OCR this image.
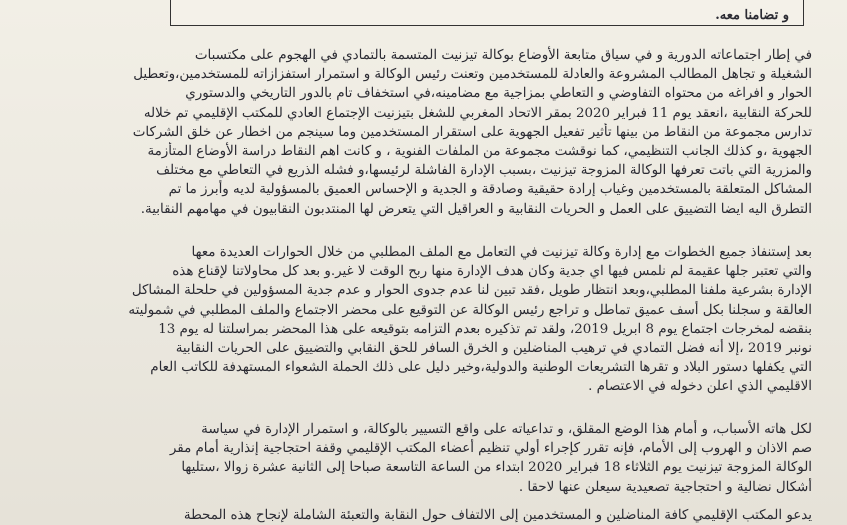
و تضامنا معه.
في إطار اجتماعاته الدورية و في سياق متابعة الأوضاع بوكالة تيزنيت المتسمة بالتمادي في الهجوم على مكتسبات
الشغيلة و تجاهل المطالب المشروعة والعادلة للمستخدمين وتعنت رئيس الوكالة و استمرار استفزازاته للمستخدمين،وتعطيل
الحوار و افراغه من محتواه التفاوضي و التعاطي بمزاجية مع مضامينه،في استخفاف تام بالدور التاريخي والدستوري
للحركة النقابية ،انعقد يوم 11 فبراير 2020 بمقر الاتحاد المغربي للشغل بتيزنيت الإجتماع العادي للمكتب الإقليمي تم خلاله
تدارس مجموعة من النقاط من بينها تأثير تفعيل الجهوية على استقرار المستخدمين وما سينجم من اخطار عن خلق الشركات
الجهوية ،و كذلك الجانب التنظيمي، كما نوقشت مجموعة من الملفات الفنوية ، و كانت اهم النقاط دراسة الأوضاع المتأزمة
والمزرية التي باتت تعرفها الوكالة المزوجة تيزنيت ،بسبب الإدارة الفاشلة لرئيسها،و فشله الذريع في التعاطي مع مختلف
المشاكل المتعلقة بالمستخدمين وغياب إرادة حقيقية وصادقة و الجدية و الإحساس العميق بالمسؤولية لديه وأبرز ما تم
التطرق اليه ايضا التضييق على العمل و الحريات النقابية و العراقيل التي يتعرض لها المنتدبون النقابيون في مهامهم النقابية.
بعد إستنفاذ جميع الخطوات مع إدارة وكالة تيزنيت في التعامل مع الملف المطلبي من خلال الحوارات العديدة معها
والتي تعتبر جلها عقيمة لم نلمس فيها اي جدية وكان هدف الإدارة منها ربح الوقت لا غير.و بعد كل محاولاتنا لإقناع هذه
الإدارة بشرعية ملفنا المطلبي،وبعد انتظار طويل ،فقد تبين لنا عدم جدوى الحوار و عدم جدية المسؤولين في حلحلة المشاكل
العالقة و سجلنا بكل أسف عميق تماطل و تراجع رئيس الوكالة عن التوقيع على محضر الاجتماع والملف المطلبي في شموليته
بنقضه لمخرجات اجتماع يوم 8 ابريل 2019، ولقد تم تذكيره بعدم التزامه بتوقيعه على هذا المحضر بمراسلتنا له يوم 13
نونبر 2019 ،إلا أنه فضل التمادي في ترهيب المناضلين و الخرق السافر للحق النقابي والتضييق على الحريات النقابية
التي يكفلها دستور البلاد و تقرها التشريعات الوطنية والدولية،وخير دليل على ذلك الحملة الشعواء المستهدفة للكاتب العام
الاقليمي الذي اعلن دخوله في الاعتصام .
لكل هاته الأسباب، و أمام هذا الوضع المقلق، و تداعياته على واقع التسيير بالوكالة، و استمرار الإدارة في سياسة
صم الاذان و الهروب إلى الأمام، فإنه تقرر كإجراء أولي تنظيم أعضاء المكتب الإقليمي وقفة احتجاجية إنذارية أمام مقر
الوكالة المزوجة تيزنيت يوم الثلاثاء 18 فبراير 2020 ابتداء من الساعة التاسعة صباحا إلى الثانية عشرة زوالا ،ستليها
أشكال نضالية و احتجاجية تصعيدية سيعلن عنها لاحقا .
يدعو المكتب الإقليمي كافة المناضلين و المستخدمين إلى الالتفاف حول النقابة والتعبئة الشاملة لإنجاح هذه المحطة
